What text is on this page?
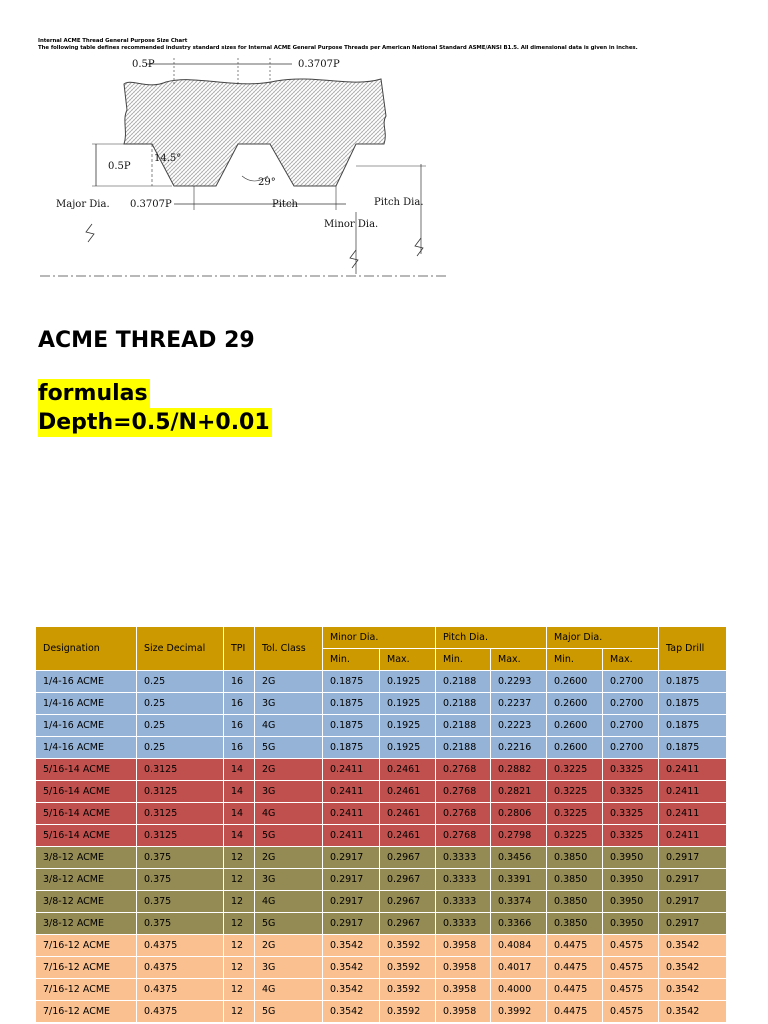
Internal ACME Thread General Purpose Size Chart
The following table defines recommended industry standard sizes for Internal ACME General Purpose Threads per American National Standard ASME/ANSI B1.5. All dimensional data is given in inches.
0.5P	0.3707P
0.5P
14.5°
29°
Major Dia. 0.3707P	Pitch	Pitch Dia.
Minor Dia.
ACME THREAD 29
formulas
Depth=0.5/N+0.01
Designation	Size Decimal	TPI	Tol. Class	Minor Dia.		Pitch Dia.		Major Dia.		Tap Drill
				Min.	Max.	Min.	Max.	Min.	Max.	
1/4-16 ACME	0.25	16	2G	0.1875	0.1925	0.2188	0.2293	0.2600	0.2700	0.1875
1/4-16 ACME	0.25	16	3G	0.1875	0.1925	0.2188	0.2237	0.2600	0.2700	0.1875
1/4-16 ACME	0.25	16	4G	0.1875	0.1925	0.2188	0.2223	0.2600	0.2700	0.1875
1/4-16 ACME	0.25	16	5G	0.1875	0.1925	0.2188	0.2216	0.2600	0.2700	0.1875
5/16-14 ACME	0.3125	14	2G	0.2411	0.2461	0.2768	0.2882	0.3225	0.3325	0.2411
5/16-14 ACME	0.3125	14	3G	0.2411	0.2461	0.2768	0.2821	0.3225	0.3325	0.2411
5/16-14 ACME	0.3125	14	4G	0.2411	0.2461	0.2768	0.2806	0.3225	0.3325	0.2411
5/16-14 ACME	0.3125	14	5G	0.2411	0.2461	0.2768	0.2798	0.3225	0.3325	0.2411
3/8-12 ACME	0.375	12	2G	0.2917	0.2967	0.3333	0.3456	0.3850	0.3950	0.2917
3/8-12 ACME	0.375	12	3G	0.2917	0.2967	0.3333	0.3391	0.3850	0.3950	0.2917
3/8-12 ACME	0.375	12	4G	0.2917	0.2967	0.3333	0.3374	0.3850	0.3950	0.2917
3/8-12 ACME	0.375	12	5G	0.2917	0.2967	0.3333	0.3366	0.3850	0.3950	0.2917
7/16-12 ACME	0.4375	12	2G	0.3542	0.3592	0.3958	0.4084	0.4475	0.4575	0.3542
7/16-12 ACME	0.4375	12	3G	0.3542	0.3592	0.3958	0.4017	0.4475	0.4575	0.3542
7/16-12 ACME	0.4375	12	4G	0.3542	0.3592	0.3958	0.4000	0.4475	0.4575	0.3542
7/16-12 ACME	0.4375	12	5G	0.3542	0.3592	0.3958	0.3992	0.4475	0.4575	0.3542
